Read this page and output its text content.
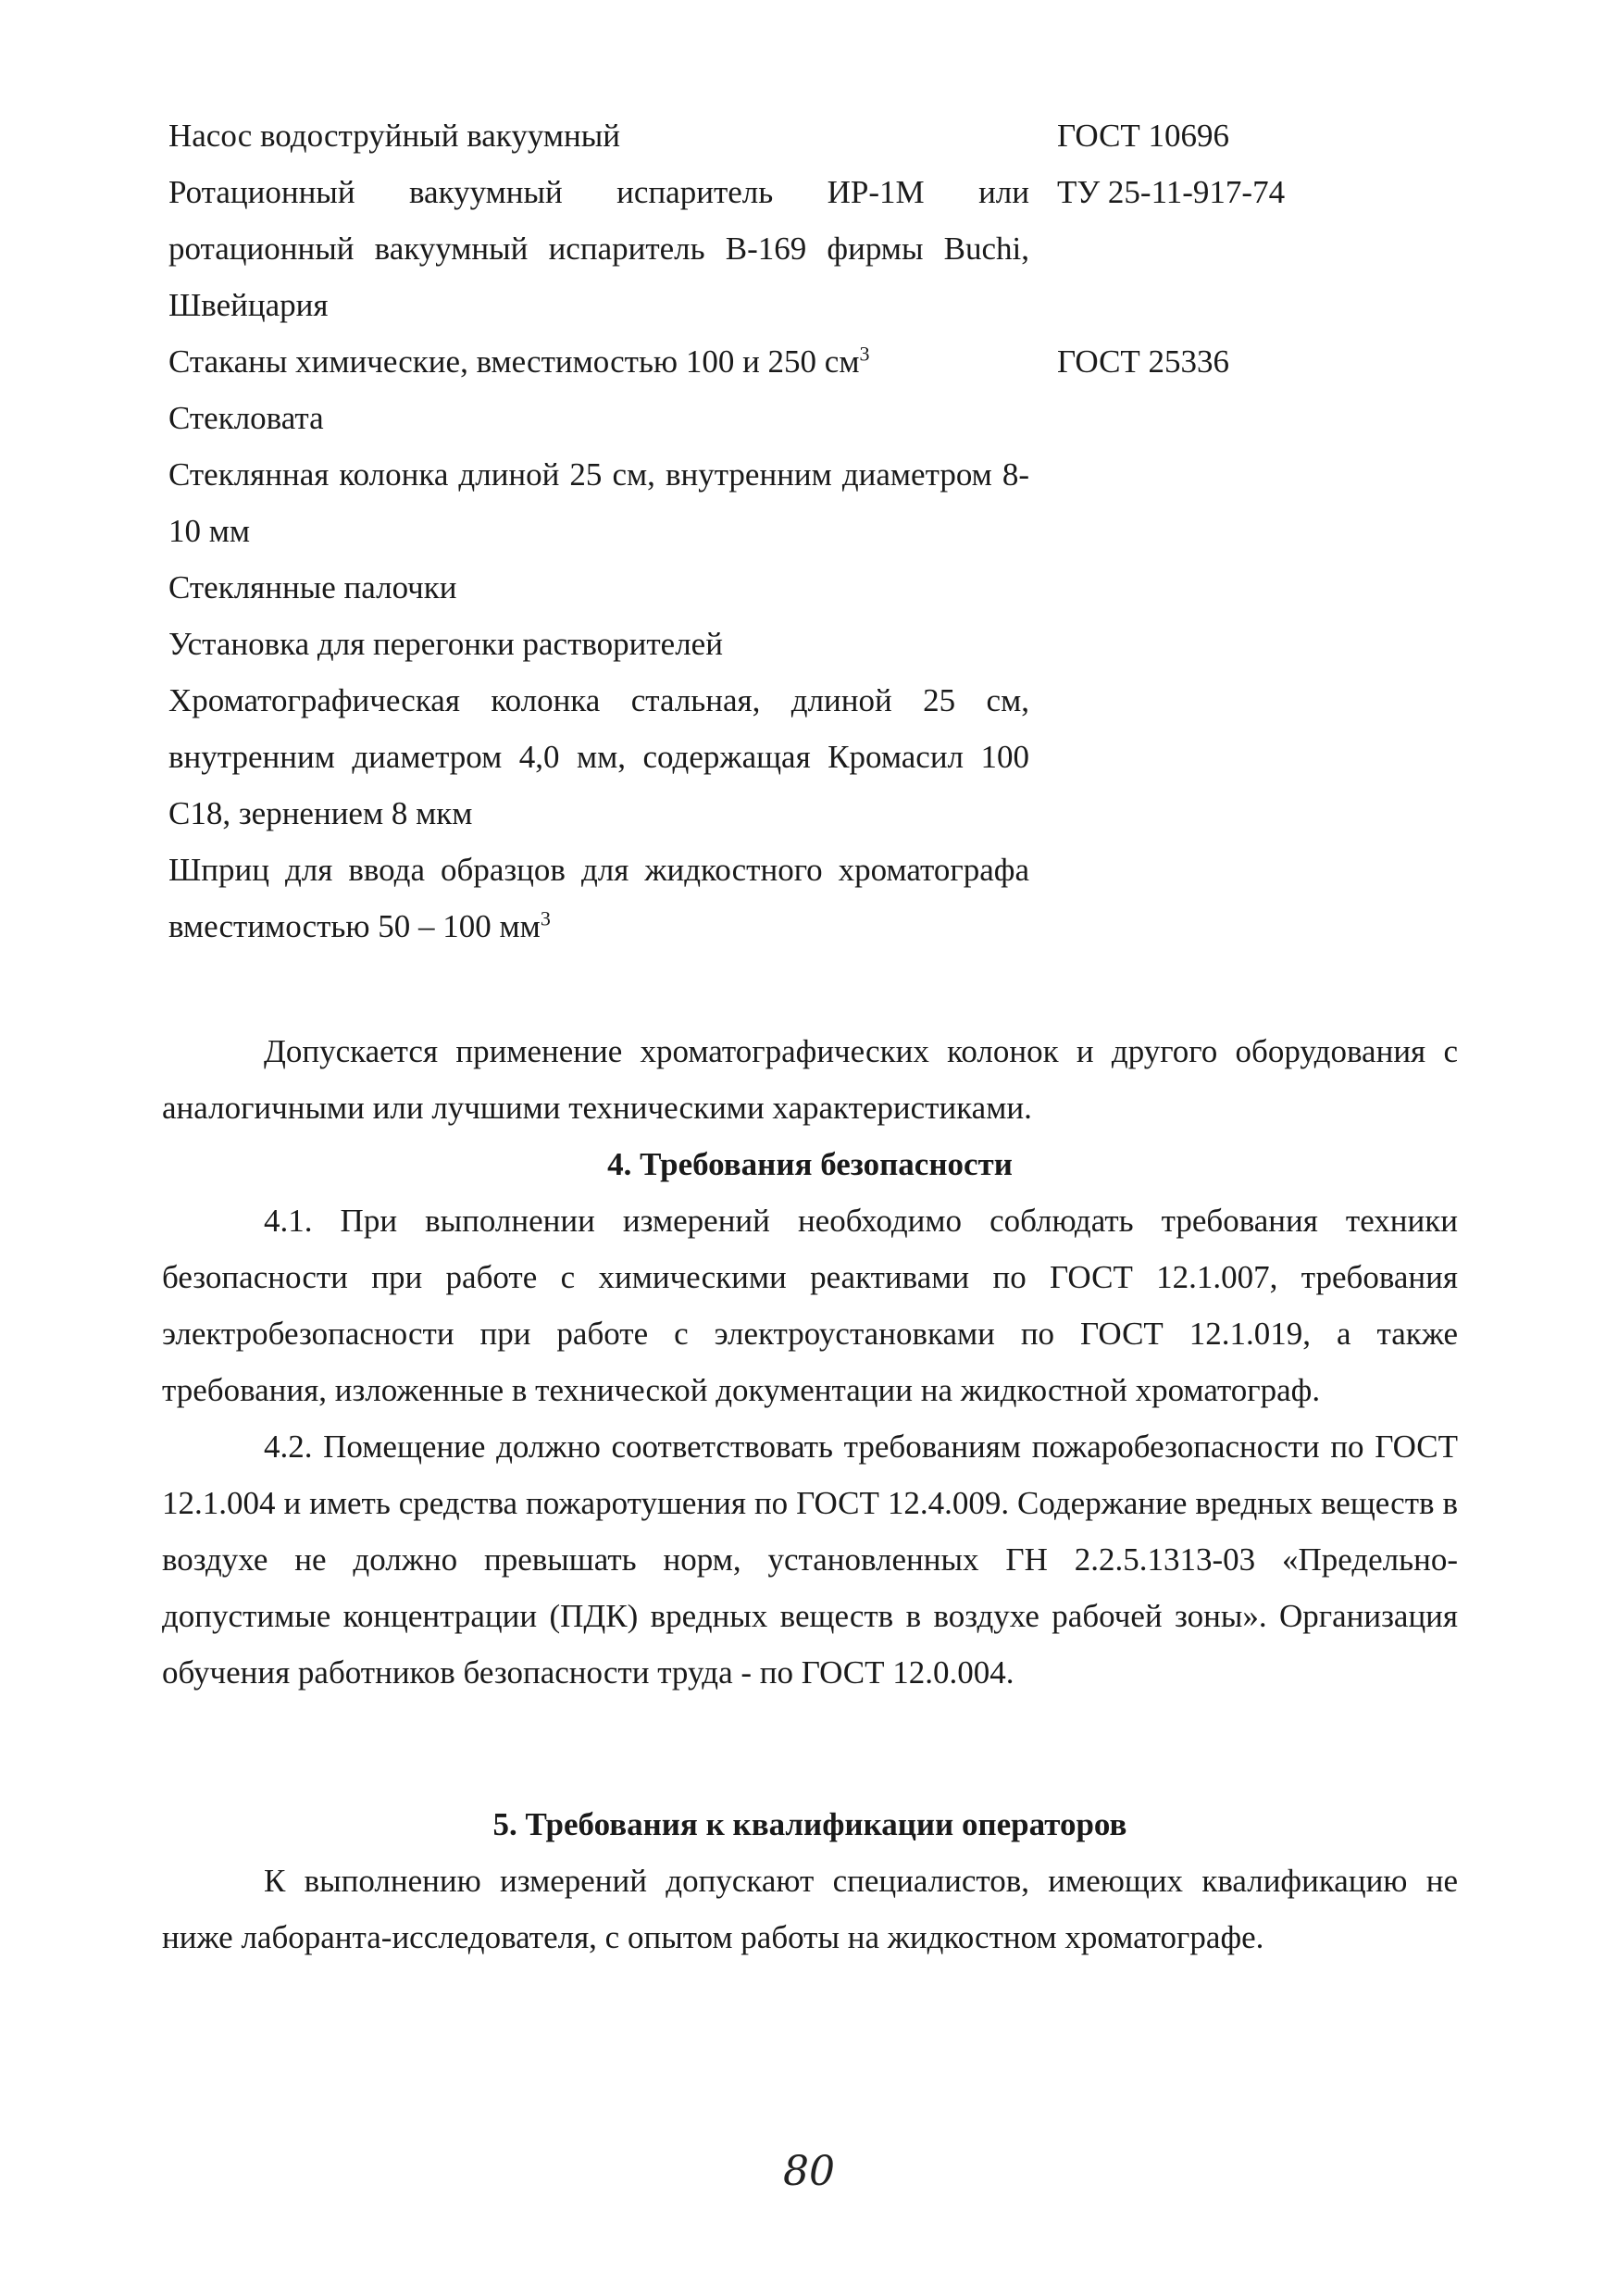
Насос водоструйный вакуумный	ГОСТ 10696
Ротационный вакуумный испаритель ИР-1М или ротационный вакуумный испаритель В-169 фирмы Buchi, Швейцария
ТУ 25-11-917-74
Стаканы химические, вместимостью 100 и 250 $см^3$	ГОСТ 25336
Стекловата
Стеклянная колонка длиной 25 см, внутренним диаметром 8-10 мм
Стеклянные палочки
Установка для перегонки растворителей
Хроматографическая колонка стальная, длиной 25 см, внутренним диаметром 4,0 мм, содержащая Кромасил 100 С18, зернением 8 мкм
Шприц для ввода образцов для жидкостного хроматографа вместимостью 50 – 100 $мм^3$

Допускается применение хроматографических колонок и другого оборудования с аналогичными или лучшими техническими характеристиками.

4. Требования безопасности

4.1. При выполнении измерений необходимо соблюдать требования техники безопасности при работе с химическими реактивами по ГОСТ 12.1.007, требования электробезопасности при работе с электроустановками по ГОСТ 12.1.019, а также требования, изложенные в технической документации на жидкостной хроматограф.

4.2. Помещение должно соответствовать требованиям пожаробезопасности по ГОСТ 12.1.004 и иметь средства пожаротушения по ГОСТ 12.4.009. Содержание вредных веществ в воздухе не должно превышать норм, установленных ГН 2.2.5.1313-03 «Предельно-допустимые концентрации (ПДК) вредных веществ в воздухе рабочей зоны». Организация обучения работников безопасности труда - по ГОСТ 12.0.004.

5. Требования к квалификации операторов

К выполнению измерений допускают специалистов, имеющих квалификацию не ниже лаборанта-исследователя, с опытом работы на жидкостном хроматографе.

80
